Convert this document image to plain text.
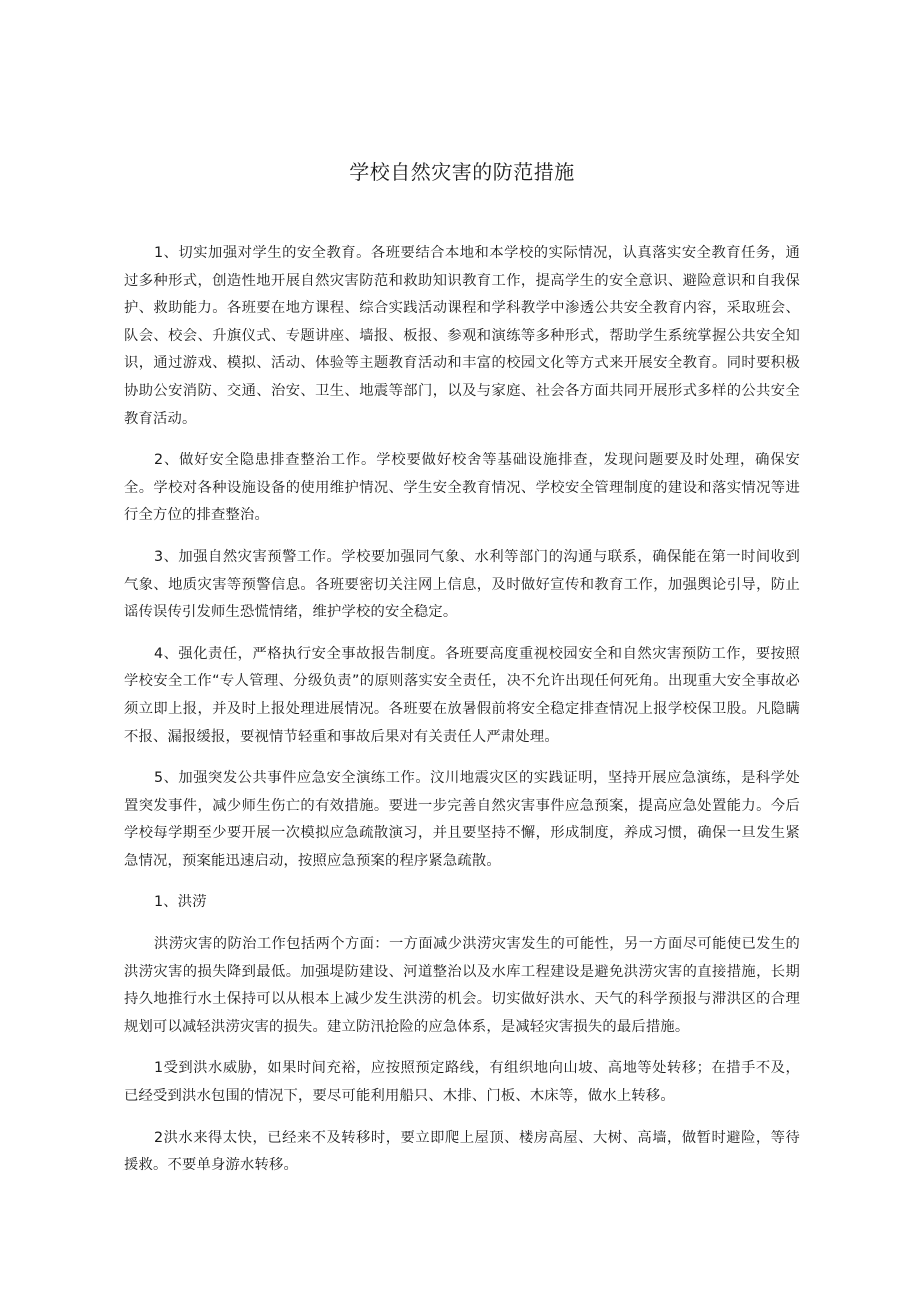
学校自然灾害的防范措施

1、切实加强对学生的安全教育。各班要结合本地和本学校的实际情况，认真落实安全教育任务，通过多种形式，创造性地开展自然灾害防范和救助知识教育工作，提高学生的安全意识、避险意识和自我保护、救助能力。各班要在地方课程、综合实践活动课程和学科教学中渗透公共安全教育内容，采取班会、队会、校会、升旗仪式、专题讲座、墙报、板报、参观和演练等多种形式，帮助学生系统掌握公共安全知识，通过游戏、模拟、活动、体验等主题教育活动和丰富的校园文化等方式来开展安全教育。同时要积极协助公安消防、交通、治安、卫生、地震等部门，以及与家庭、社会各方面共同开展形式多样的公共安全教育活动。

2、做好安全隐患排查整治工作。学校要做好校舍等基础设施排查，发现问题要及时处理，确保安全。学校对各种设施设备的使用维护情况、学生安全教育情况、学校安全管理制度的建设和落实情况等进行全方位的排查整治。

3、加强自然灾害预警工作。学校要加强同气象、水利等部门的沟通与联系，确保能在第一时间收到气象、地质灾害等预警信息。各班要密切关注网上信息，及时做好宣传和教育工作，加强舆论引导，防止谣传误传引发师生恐慌情绪，维护学校的安全稳定。

4、强化责任，严格执行安全事故报告制度。各班要高度重视校园安全和自然灾害预防工作，要按照学校安全工作“专人管理、分级负责”的原则落实安全责任，决不允许出现任何死角。出现重大安全事故必须立即上报，并及时上报处理进展情况。各班要在放暑假前将安全稳定排查情况上报学校保卫股。凡隐瞒不报、漏报缓报，要视情节轻重和事故后果对有关责任人严肃处理。

5、加强突发公共事件应急安全演练工作。汶川地震灾区的实践证明，坚持开展应急演练，是科学处置突发事件，减少师生伤亡的有效措施。要进一步完善自然灾害事件应急预案，提高应急处置能力。今后学校每学期至少要开展一次模拟应急疏散演习，并且要坚持不懈，形成制度，养成习惯，确保一旦发生紧急情况，预案能迅速启动，按照应急预案的程序紧急疏散。

1、洪涝

洪涝灾害的防治工作包括两个方面：一方面减少洪涝灾害发生的可能性，另一方面尽可能使已发生的洪涝灾害的损失降到最低。加强堤防建设、河道整治以及水库工程建设是避免洪涝灾害的直接措施，长期持久地推行水土保持可以从根本上减少发生洪涝的机会。切实做好洪水、天气的科学预报与滞洪区的合理规划可以减轻洪涝灾害的损失。建立防汛抢险的应急体系，是减轻灾害损失的最后措施。

1受到洪水威胁，如果时间充裕，应按照预定路线，有组织地向山坡、高地等处转移；在措手不及，已经受到洪水包围的情况下，要尽可能利用船只、木排、门板、木床等，做水上转移。

2洪水来得太快，已经来不及转移时，要立即爬上屋顶、楼房高屋、大树、高墙，做暂时避险，等待援救。不要单身游水转移。
